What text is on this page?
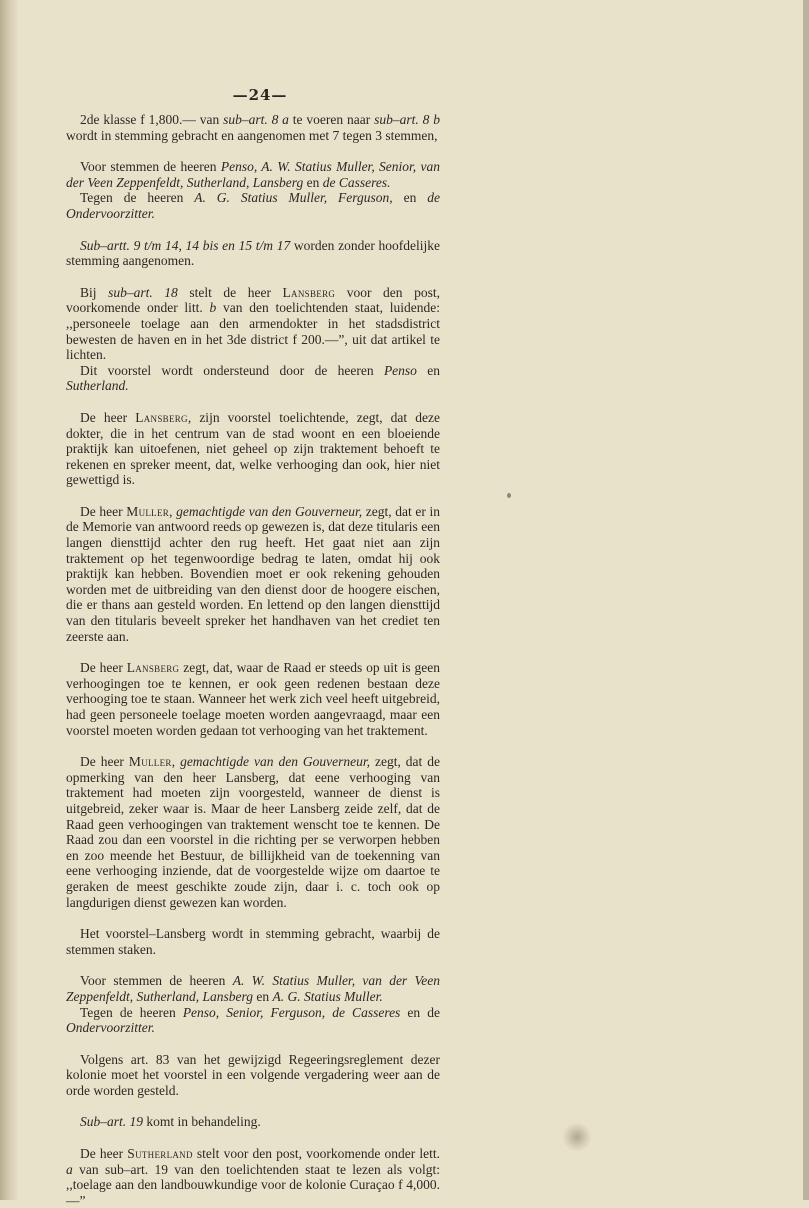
—24—

2de klasse f 1,800.— van sub–art. 8 a te voeren naar sub–art. 8 b wordt in stemming gebracht en aangenomen met 7 tegen 3 stemmen,

Voor stemmen de heeren Penso, A. W. Statius Muller, Senior, van der Veen Zeppenfeldt, Sutherland, Lansberg en de Casseres.

Tegen de heeren A. G. Statius Muller, Ferguson, en de Ondervoorzitter.

Sub–artt. 9 t/m 14, 14 bis en 15 t/m 17 worden zonder hoofdelijke stemming aangenomen.

Bij sub–art. 18 stelt de heer Lansberg voor den post, voorkomende onder litt. b van den toelichtenden staat, luidende: ,,personeele toelage aan den armendokter in het stadsdistrict bewesten de haven en in het 3de district f 200.—”, uit dat artikel te lichten.

Dit voorstel wordt ondersteund door de heeren Penso en Sutherland.

De heer Lansberg, zijn voorstel toelichtende, zegt, dat deze dokter, die in het centrum van de stad woont en een bloeiende praktijk kan uitoefenen, niet geheel op zijn traktement behoeft te rekenen en spreker meent, dat, welke verhooging dan ook, hier niet gewettigd is.

De heer Muller, gemachtigde van den Gouverneur, zegt, dat er in de Memorie van antwoord reeds op gewezen is, dat deze titularis een langen diensttijd achter den rug heeft. Het gaat niet aan zijn traktement op het tegenwoordige bedrag te laten, omdat hij ook praktijk kan hebben. Bovendien moet er ook rekening gehouden worden met de uitbreiding van den dienst door de hoogere eischen, die er thans aan gesteld worden. En lettend op den langen diensttijd van den titularis beveelt spreker het handhaven van het crediet ten zeerste aan.

De heer Lansberg zegt, dat, waar de Raad er steeds op uit is geen verhoogingen toe te kennen, er ook geen redenen bestaan deze verhooging toe te staan. Wanneer het werk zich veel heeft uitgebreid, had geen personeele toelage moeten worden aangevraagd, maar een voorstel moeten worden gedaan tot verhooging van het traktement.

De heer Muller, gemachtigde van den Gouverneur, zegt, dat de opmerking van den heer Lansberg, dat eene verhooging van traktement had moeten zijn voorgesteld, wanneer de dienst is uitgebreid, zeker waar is. Maar de heer Lansberg zeide zelf, dat de Raad geen verhoogingen van traktement wenscht toe te kennen. De Raad zou dan een voorstel in die richting per se verworpen hebben en zoo meende het Bestuur, de billijkheid van de toekenning van eene verhooging inziende, dat de voorgestelde wijze om daartoe te geraken de meest geschikte zoude zijn, daar i. c. toch ook op langdurigen dienst gewezen kan worden.

Het voorstel–Lansberg wordt in stemming gebracht, waarbij de stemmen staken.

Voor stemmen de heeren A. W. Statius Muller, van der Veen Zeppenfeldt, Sutherland, Lansberg en A. G. Statius Muller.

Tegen de heeren Penso, Senior, Ferguson, de Casseres en de Ondervoorzitter.

Volgens art. 83 van het gewijzigd Regeeringsreglement dezer kolonie moet het voorstel in een volgende vergadering weer aan de orde worden gesteld.

Sub–art. 19 komt in behandeling.

De heer Sutherland stelt voor den post, voorkomende onder lett. a van sub–art. 19 van den toelichtenden staat te lezen als volgt: ,,toelage aan den landbouwkundige voor de kolonie Curaçao f 4,000.—”
